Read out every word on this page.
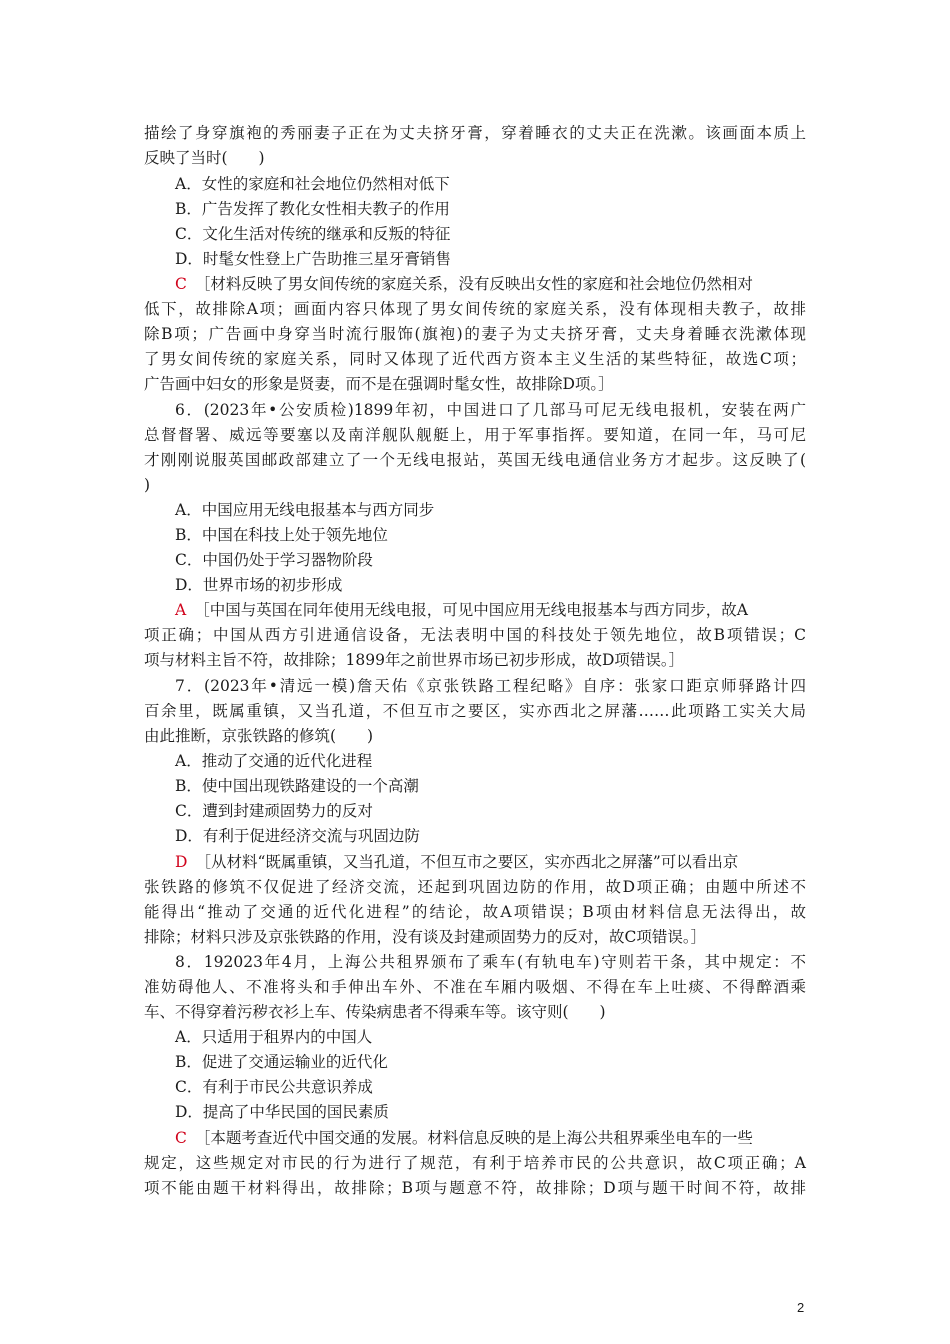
描绘了身穿旗袍的秀丽妻子正在为丈夫挤牙膏，穿着睡衣的丈夫正在洗漱。该画面本质上
反映了当时(　　)
A．女性的家庭和社会地位仍然相对低下
B．广告发挥了教化女性相夫教子的作用
C．文化生活对传统的继承和反叛的特征
D．时髦女性登上广告助推三星牙膏销售
C ［材料反映了男女间传统的家庭关系，没有反映出女性的家庭和社会地位仍然相对
低下，故排除A项；画面内容只体现了男女间传统的家庭关系，没有体现相夫教子，故排
除B项；广告画中身穿当时流行服饰(旗袍)的妻子为丈夫挤牙膏，丈夫身着睡衣洗漱体现
了男女间传统的家庭关系，同时又体现了近代西方资本主义生活的某些特征，故选C项；
广告画中妇女的形象是贤妻，而不是在强调时髦女性，故排除D项。］
6．(2023年•公安质检)1899年初，中国进口了几部马可尼无线电报机，安装在两广
总督督署、威远等要塞以及南洋舰队舰艇上，用于军事指挥。要知道，在同一年，马可尼
才刚刚说服英国邮政部建立了一个无线电报站，英国无线电通信业务方才起步。这反映了(
)
A．中国应用无线电报基本与西方同步
B．中国在科技上处于领先地位
C．中国仍处于学习器物阶段
D．世界市场的初步形成
A ［中国与英国在同年使用无线电报，可见中国应用无线电报基本与西方同步，故A
项正确；中国从西方引进通信设备，无法表明中国的科技处于领先地位，故B项错误；C
项与材料主旨不符，故排除；1899年之前世界市场已初步形成，故D项错误。］
7．(2023年•清远一模)詹天佑《京张铁路工程纪略》自序：张家口距京师驿路计四
百余里，既属重镇，又当孔道，不但互市之要区，实亦西北之屏藩……此项路工实关大局
由此推断，京张铁路的修筑(　　)
A．推动了交通的近代化进程
B．使中国出现铁路建设的一个高潮
C．遭到封建顽固势力的反对
D．有利于促进经济交流与巩固边防
D ［从材料“既属重镇，又当孔道，不但互市之要区，实亦西北之屏藩”可以看出京
张铁路的修筑不仅促进了经济交流，还起到巩固边防的作用，故D项正确；由题中所述不
能得出“推动了交通的近代化进程”的结论，故A项错误；B项由材料信息无法得出，故
排除；材料只涉及京张铁路的作用，没有谈及封建顽固势力的反对，故C项错误。］
8．192023年4月，上海公共租界颁布了乘车(有轨电车)守则若干条，其中规定：不
准妨碍他人、不准将头和手伸出车外、不准在车厢内吸烟、不得在车上吐痰、不得醉酒乘
车、不得穿着污秽衣衫上车、传染病患者不得乘车等。该守则(　　)
A．只适用于租界内的中国人
B．促进了交通运输业的近代化
C．有利于市民公共意识养成
D．提高了中华民国的国民素质
C ［本题考查近代中国交通的发展。材料信息反映的是上海公共租界乘坐电车的一些
规定，这些规定对市民的行为进行了规范，有利于培养市民的公共意识，故C项正确；A
项不能由题干材料得出，故排除；B项与题意不符，故排除；D项与题干时间不符，故排
2
